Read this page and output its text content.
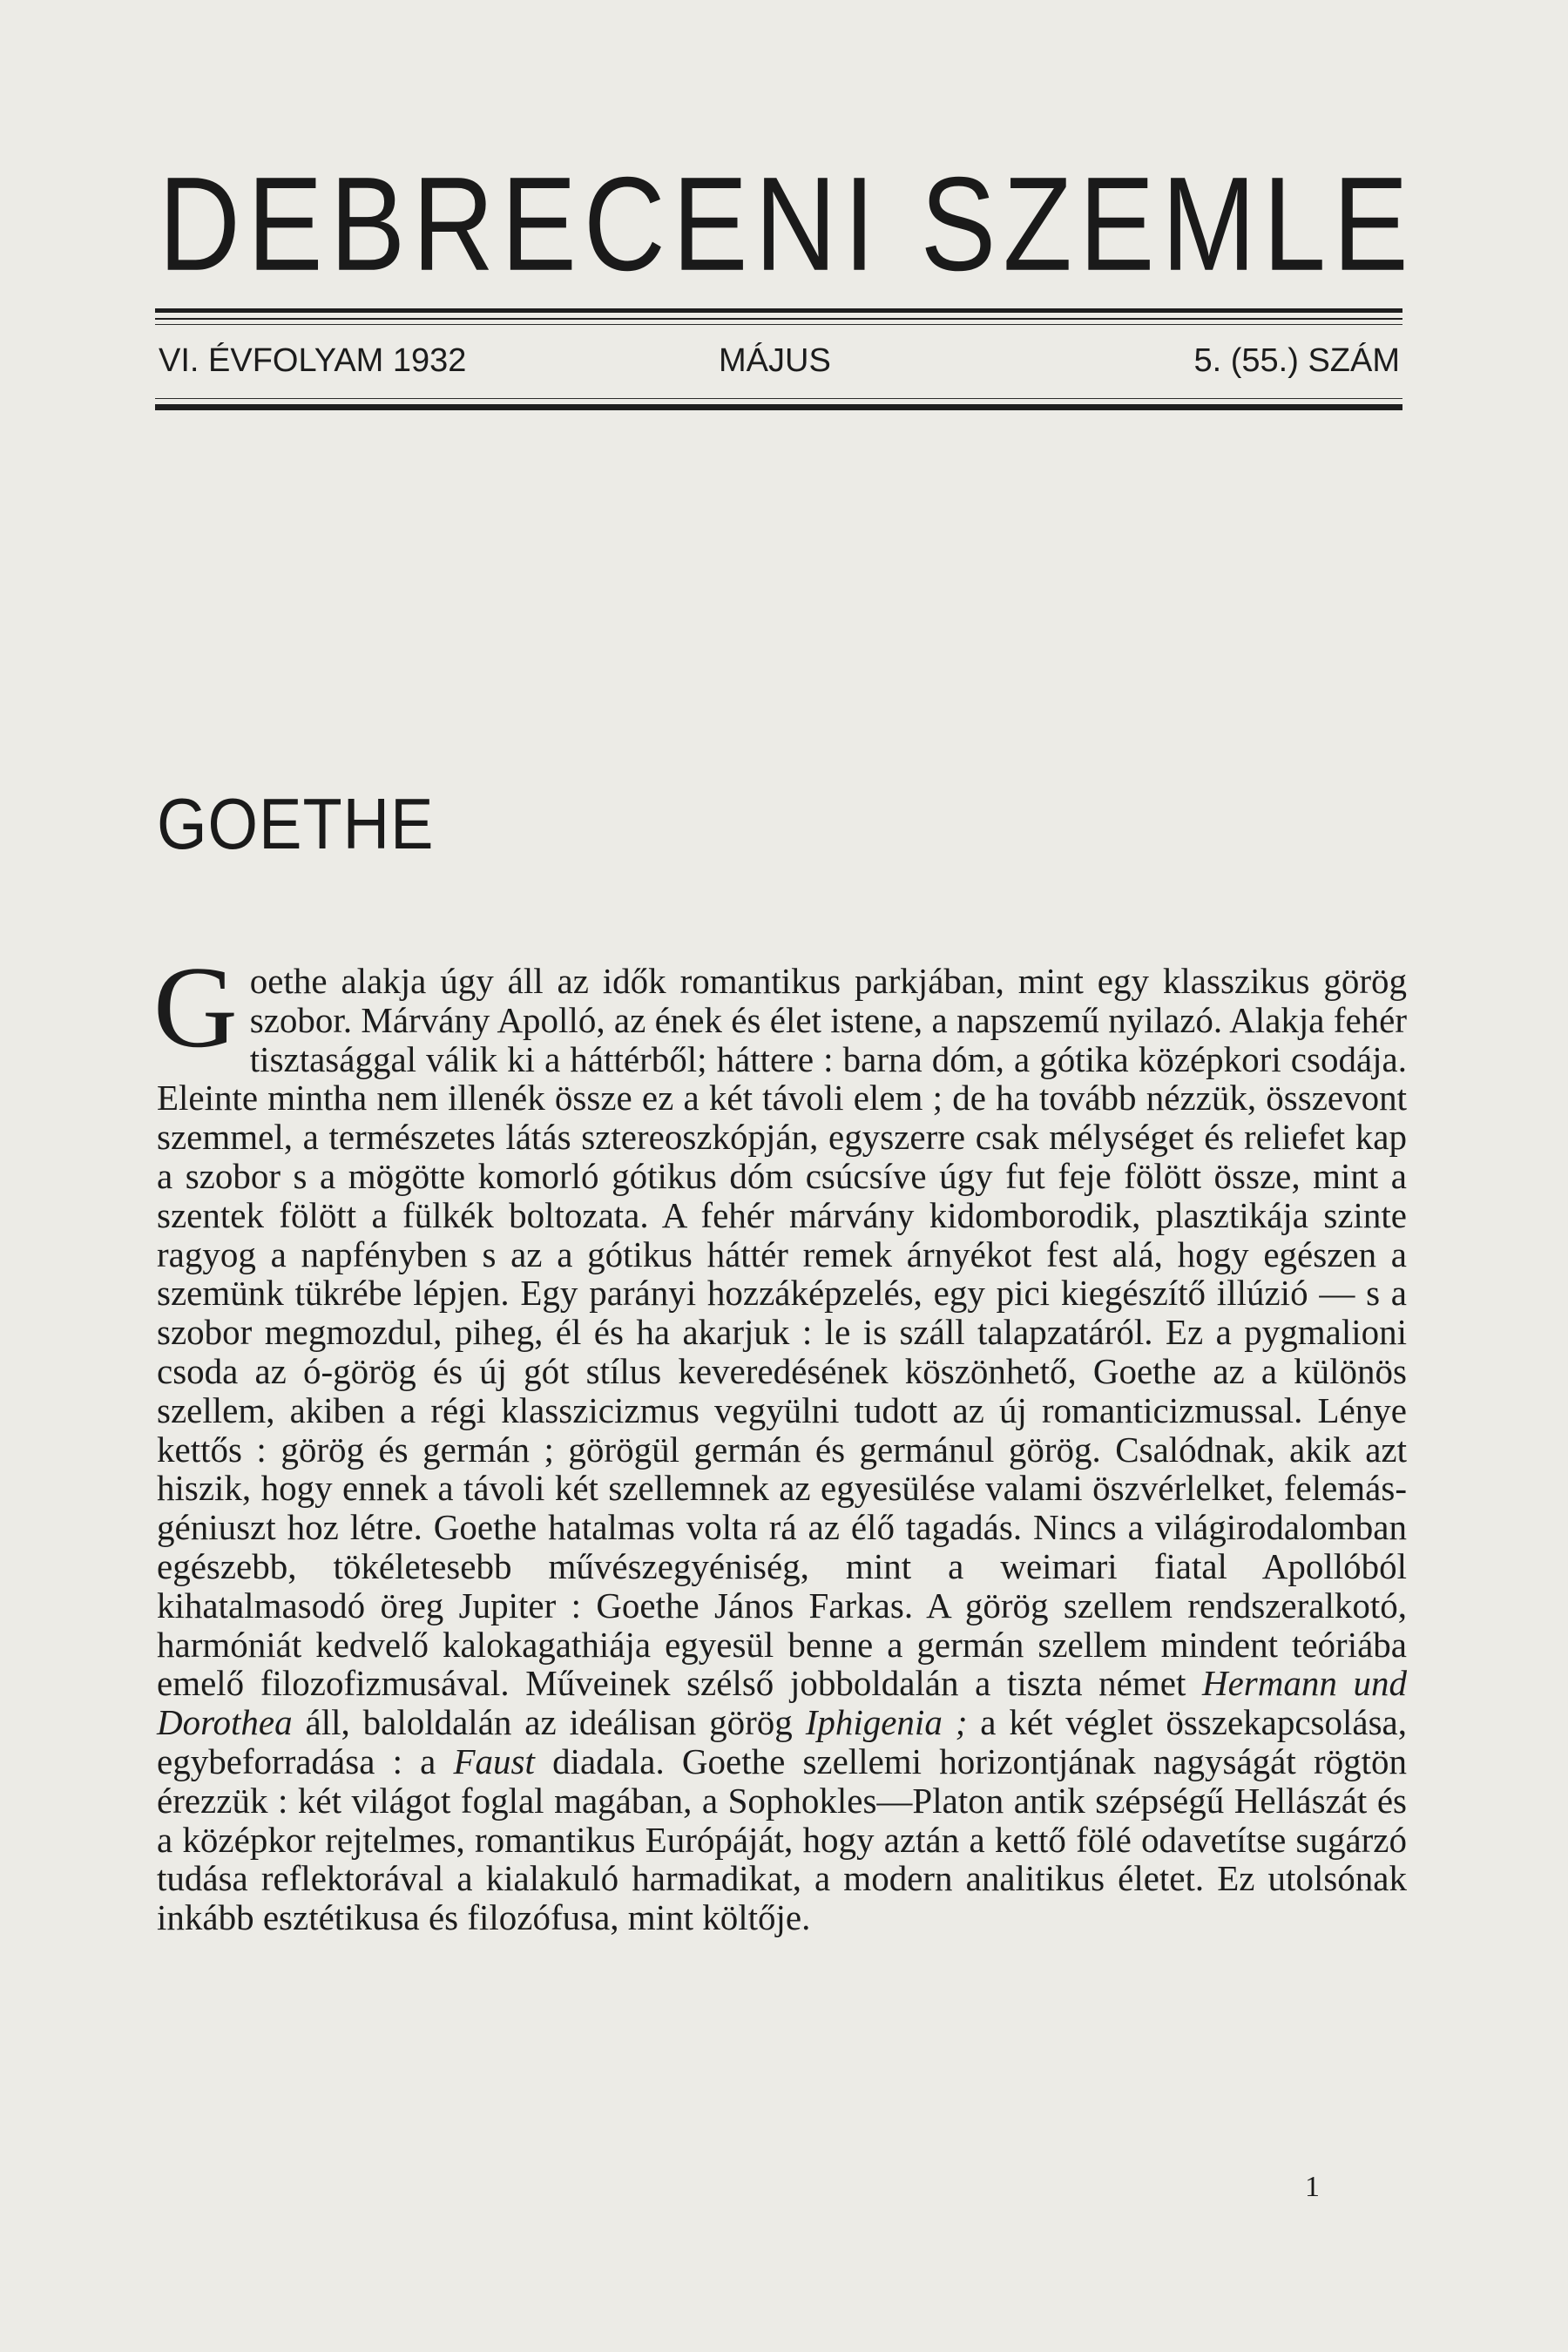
DEBRECENI SZEMLE
VI. ÉVFOLYAM 1932	MÁJUS	5. (55.) SZÁM
GOETHE
Goethe alakja úgy áll az idők romantikus parkjában, mint egy klasszikus görög szobor. Márvány Apolló, az ének és élet istene, a napszemű nyilazó. Alakja fehér tisztasággal válik ki a háttérből; háttere : barna dóm, a gótika középkori csodája. Eleinte mintha nem illenék össze ez a két távoli elem ; de ha tovább nézzük, összevont szemmel, a természetes látás sztereoszkópján, egyszerre csak mélységet és reliefet kap a szobor s a mögötte komorló gótikus dóm csúcsíve úgy fut feje fölött össze, mint a szentek fölött a fülkék boltozata. A fehér márvány kidomborodik, plasztikája szinte ragyog a napfényben s az a gótikus háttér remek árnyékot fest alá, hogy egészen a szemünk tükrébe lépjen. Egy parányi hozzáképzelés, egy pici kiegészítő illúzió — s a szobor megmozdul, piheg, él és ha akarjuk : le is száll talapzatáról. Ez a pygmalioni csoda az ó-görög és új gót stílus keveredésének köszönhető, Goethe az a különös szellem, akiben a régi klasszicizmus vegyülni tudott az új romanticizmussal. Lénye kettős : görög és germán ; görögül germán és germánul görög. Csalódnak, akik azt hiszik, hogy ennek a távoli két szellemnek az egyesülése valami öszvérlelket, felemás-géniuszt hoz létre. Goethe hatalmas volta rá az élő tagadás. Nincs a világirodalomban egészebb, tökéletesebb művészegyéniség, mint a weimari fiatal Apollóból kihatalmasodó öreg Jupiter : Goethe János Farkas. A görög szellem rendszeralkotó, harmóniát kedvelő kalokagathiája egyesül benne a germán szellem mindent teóriába emelő filozofizmusával. Műveinek szélső jobboldalán a tiszta német Hermann und Dorothea áll, baloldalán az ideálisan görög Iphigenia ; a két véglet összekapcsolása, egybeforradása : a Faust diadala. Goethe szellemi horizontjának nagyságát rögtön érezzük : két világot foglal magában, a Sophokles—Platon antik szépségű Hellászát és a középkor rejtelmes, romantikus Európáját, hogy aztán a kettő fölé odavetítse sugárzó tudása reflektorával a kialakuló harmadikat, a modern analitikus életet. Ez utolsónak inkább esztétikusa és filozófusa, mint költője.
1
